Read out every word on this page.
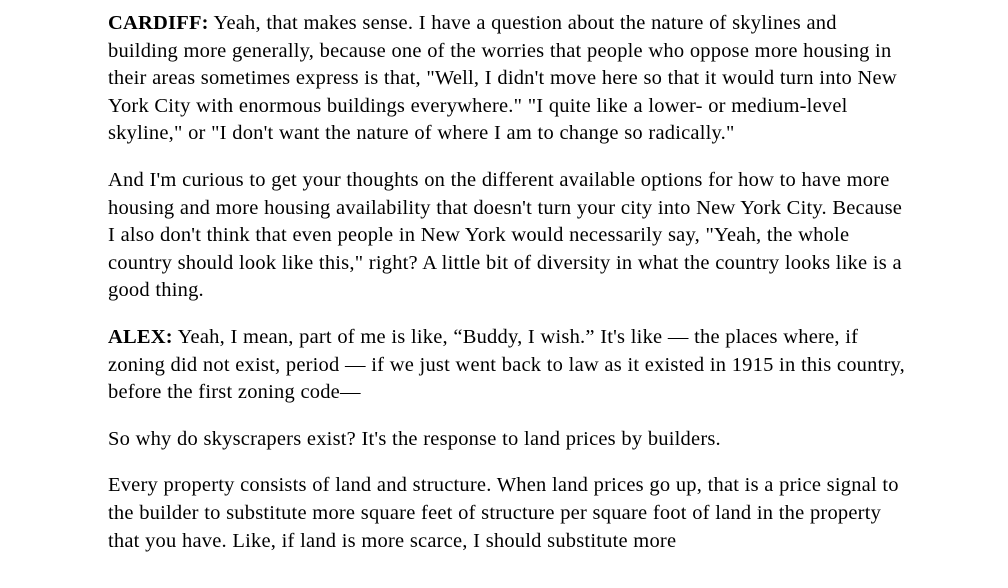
CARDIFF: Yeah, that makes sense. I have a question about the nature of skylines and building more generally, because one of the worries that people who oppose more housing in their areas sometimes express is that, "Well, I didn't move here so that it would turn into New York City with enormous buildings everywhere." "I quite like a lower- or medium-level skyline," or "I don't want the nature of where I am to change so radically."

And I'm curious to get your thoughts on the different available options for how to have more housing and more housing availability that doesn't turn your city into New York City. Because I also don't think that even people in New York would necessarily say, "Yeah, the whole country should look like this," right? A little bit of diversity in what the country looks like is a good thing.

ALEX: Yeah, I mean, part of me is like, “Buddy, I wish.” It's like — the places where, if zoning did not exist, period — if we just went back to law as it existed in 1915 in this country, before the first zoning code—

So why do skyscrapers exist? It's the response to land prices by builders.

Every property consists of land and structure. When land prices go up, that is a price signal to the builder to substitute more square feet of structure per square foot of land in the property that you have. Like, if land is more scarce, I should substitute more
